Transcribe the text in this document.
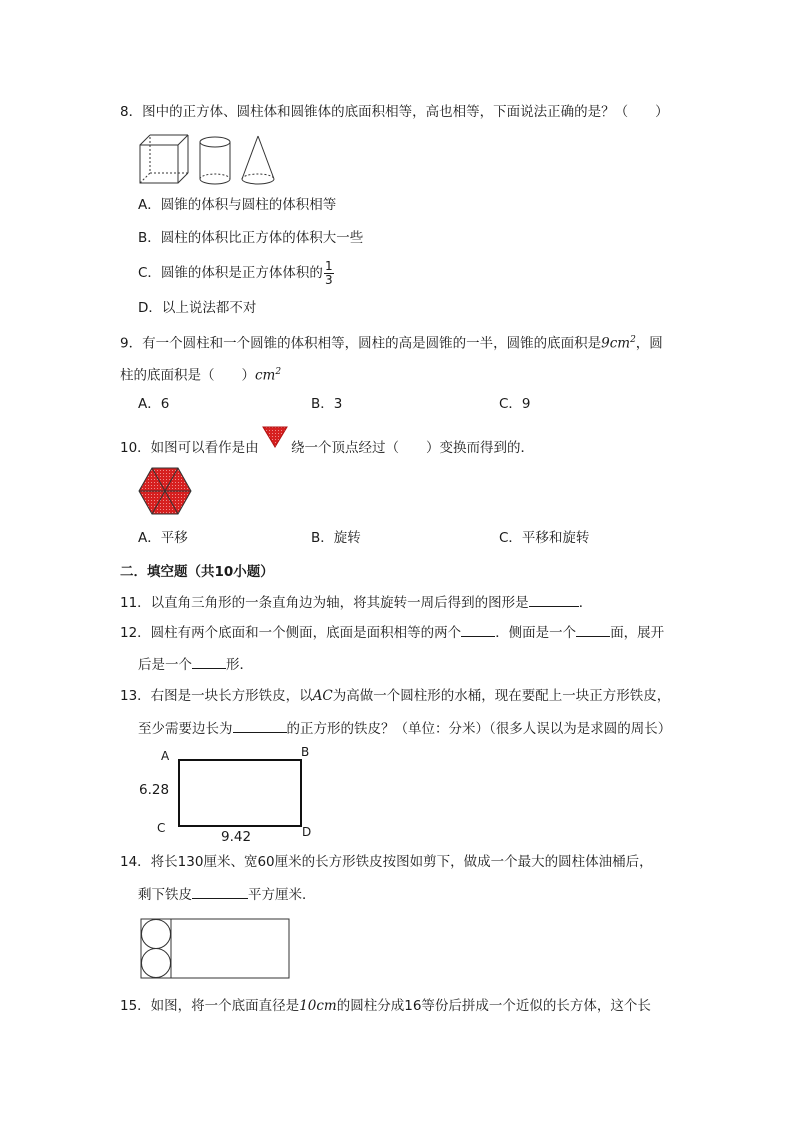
8．图中的正方体、圆柱体和圆锥体的底面积相等，高也相等，下面说法正确的是？（　　）
A．圆锥的体积与圆柱的体积相等
B．圆柱的体积比正方体的体积大一些
C．圆锥的体积是正方体体积的 $\frac{1}{3}$
D．以上说法都不对
9．有一个圆柱和一个圆锥的体积相等，圆柱的高是圆锥的一半，圆锥的底面积是$9cm^2$，圆
柱的底面积是（　　）$cm^2$
A．6	B．3	C．9
10．如图可以看作是由 绕一个顶点经过（　　）变换而得到的．
A．平移	B．旋转	C．平移和旋转
二．填空题（共10小题）
11．以直角三角形的一条直角边为轴，将其旋转一周后得到的图形是	．
12．圆柱有两个底面和一个侧面，底面是面积相等的两个	．侧面是一个	面，展开
后是一个	形．
13．右图是一块长方形铁皮，以AC为高做一个圆柱形的水桶，现在要配上一块正方形铁皮，
至少需要边长为	的正方形的铁皮？（单位：分米）（很多人误以为是求圆的周长）
A	B
C	D
6.28
9.42
14．将长130厘米、宽60厘米的长方形铁皮按图如剪下，做成一个最大的圆柱体油桶后，
剩下铁皮	平方厘米．
15．如图，将一个底面直径是10cm的圆柱分成16等份后拼成一个近似的长方体，这个长
